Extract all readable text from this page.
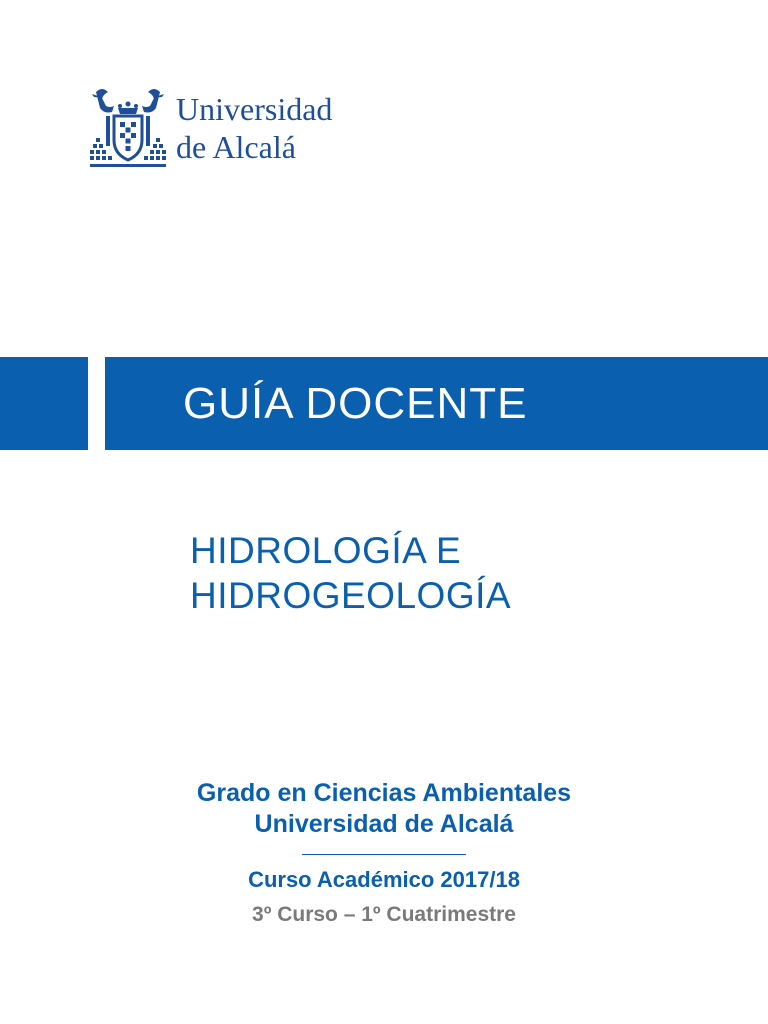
Universidad
de Alcalá
GUÍA DOCENTE
HIDROLOGÍA E
HIDROGEOLOGÍA
Grado en Ciencias Ambientales
Universidad de Alcalá
Curso Académico 2017/18
3º Curso – 1º Cuatrimestre
